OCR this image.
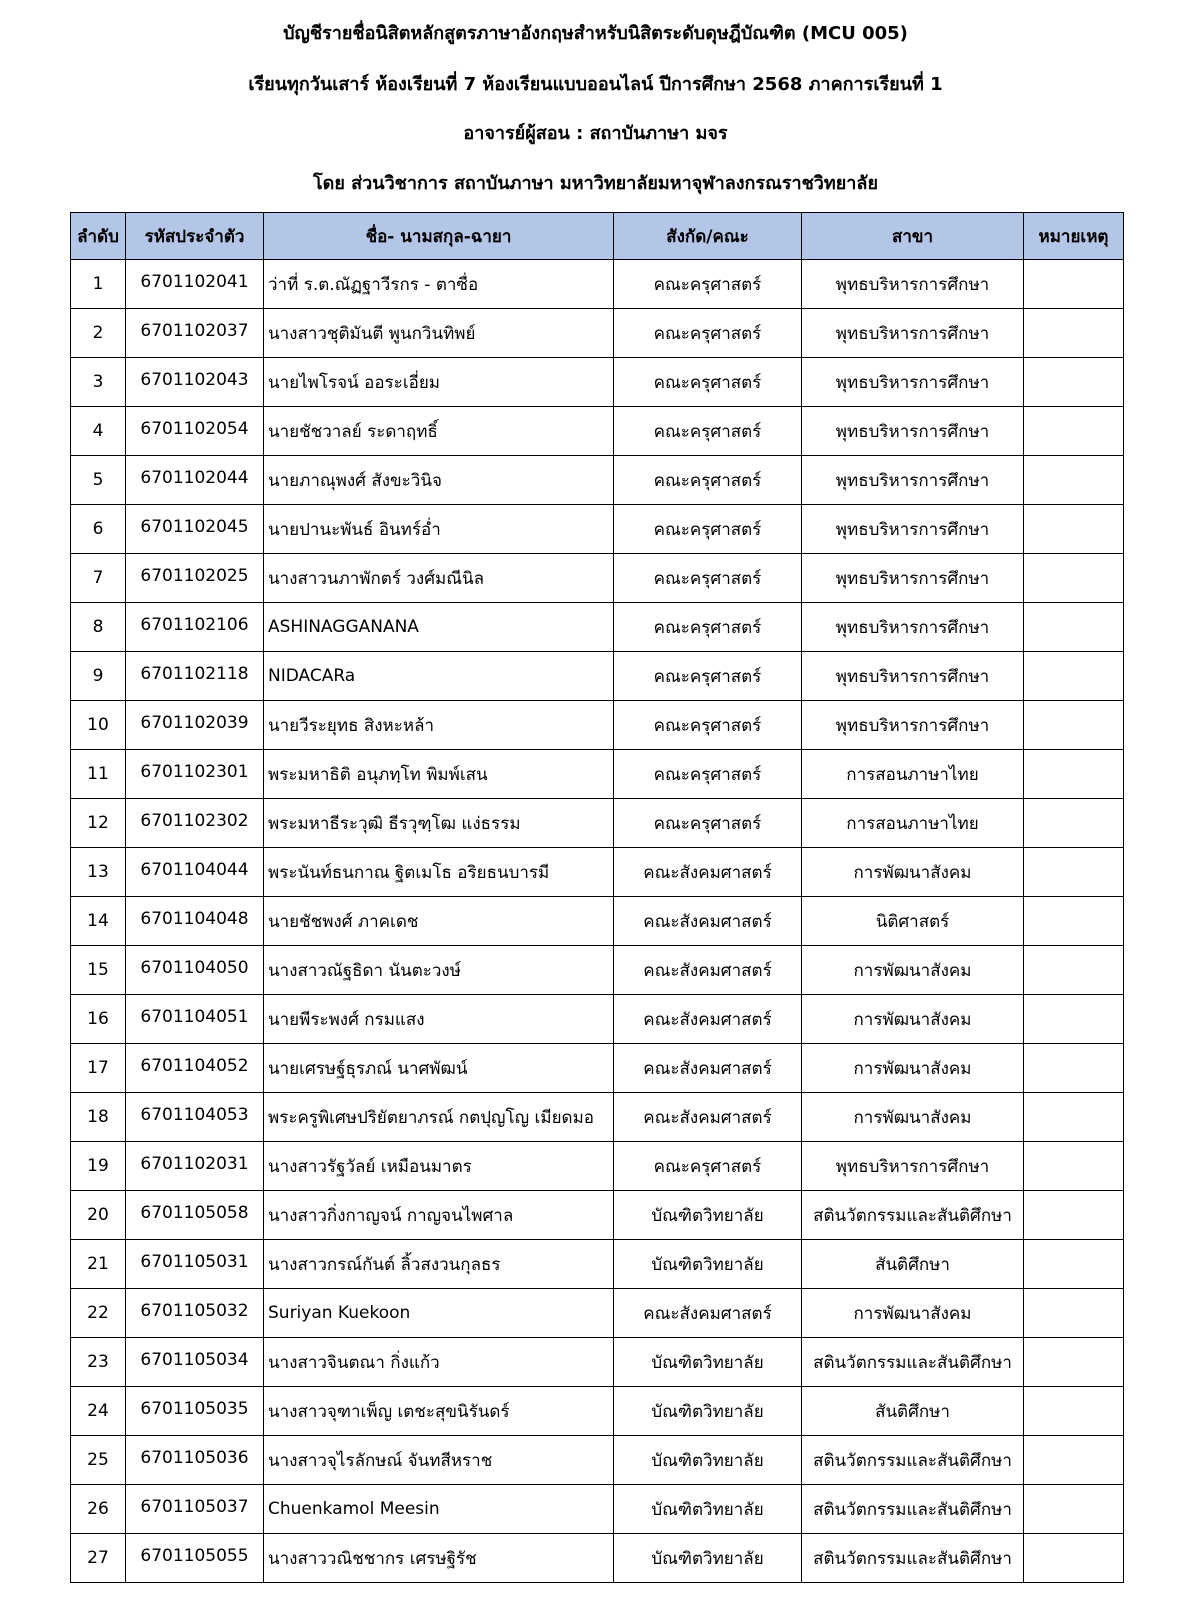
บัญชีรายชื่อนิสิตหลักสูตรภาษาอังกฤษสำหรับนิสิตระดับดุษฎีบัณฑิต (MCU 005)
เรียนทุกวันเสาร์ ห้องเรียนที่ 7 ห้องเรียนแบบออนไลน์ ปีการศึกษา 2568 ภาคการเรียนที่ 1
อาจารย์ผู้สอน : สถาบันภาษา มจร
โดย ส่วนวิชาการ สถาบันภาษา มหาวิทยาลัยมหาจุฬาลงกรณราชวิทยาลัย
ลำดับ	รหัสประจำตัว	ชื่อ- นามสกุล-ฉายา	สังกัด/คณะ	สาขา	หมายเหตุ
1	6701102041	ว่าที่ ร.ต.ณัฏฐาวีรกร - ตาซื่อ	คณะครุศาสตร์	พุทธบริหารการศึกษา	
2	6701102037	นางสาวชุติมันตี พูนกวินทิพย์	คณะครุศาสตร์	พุทธบริหารการศึกษา	
3	6701102043	นายไพโรจน์ ออระเอี่ยม	คณะครุศาสตร์	พุทธบริหารการศึกษา	
4	6701102054	นายชัชวาลย์ ระดาฤทธิ์	คณะครุศาสตร์	พุทธบริหารการศึกษา	
5	6701102044	นายภาณุพงศ์ สังขะวินิจ	คณะครุศาสตร์	พุทธบริหารการศึกษา	
6	6701102045	นายปานะพันธ์ อินทร์อ่ำ	คณะครุศาสตร์	พุทธบริหารการศึกษา	
7	6701102025	นางสาวนภาพักตร์ วงศ์มณีนิล	คณะครุศาสตร์	พุทธบริหารการศึกษา	
8	6701102106	ASHINAGGANANA	คณะครุศาสตร์	พุทธบริหารการศึกษา	
9	6701102118	NIDACARa	คณะครุศาสตร์	พุทธบริหารการศึกษา	
10	6701102039	นายวีระยุทธ สิงหะหล้า	คณะครุศาสตร์	พุทธบริหารการศึกษา	
11	6701102301	พระมหาธิติ อนุภทฺโท พิมพ์เสน	คณะครุศาสตร์	การสอนภาษาไทย	
12	6701102302	พระมหาธีระวุฒิ ธีรวุฑฺโฒ แง่ธรรม	คณะครุศาสตร์	การสอนภาษาไทย	
13	6701104044	พระนันท์ธนกาณ ฐิตเมโธ อริยธนบารมี	คณะสังคมศาสตร์	การพัฒนาสังคม	
14	6701104048	นายชัชพงศ์ ภาคเดช	คณะสังคมศาสตร์	นิติศาสตร์	
15	6701104050	นางสาวณัฐธิดา นันตะวงษ์	คณะสังคมศาสตร์	การพัฒนาสังคม	
16	6701104051	นายพีระพงศ์ กรมแสง	คณะสังคมศาสตร์	การพัฒนาสังคม	
17	6701104052	นายเศรษฐ์ธุรภณ์ นาศพัฒน์	คณะสังคมศาสตร์	การพัฒนาสังคม	
18	6701104053	พระครูพิเศษปริยัตยาภรณ์ กตปุญโญ เมียดมอ	คณะสังคมศาสตร์	การพัฒนาสังคม	
19	6701102031	นางสาวรัฐวัลย์ เหมือนมาตร	คณะครุศาสตร์	พุทธบริหารการศึกษา	
20	6701105058	นางสาวกิ่งกาญจน์ กาญจนไพศาล	บัณฑิตวิทยาลัย	สตินวัตกรรมและสันติศึกษา	
21	6701105031	นางสาวกรณ์กันต์ ลิ้วสงวนกุลธร	บัณฑิตวิทยาลัย	สันติศึกษา	
22	6701105032	Suriyan Kuekoon	คณะสังคมศาสตร์	การพัฒนาสังคม	
23	6701105034	นางสาวจินตณา กิ่งแก้ว	บัณฑิตวิทยาลัย	สตินวัตกรรมและสันติศึกษา	
24	6701105035	นางสาวจุฑาเพ็ญ เตชะสุขนิรันดร์	บัณฑิตวิทยาลัย	สันติศึกษา	
25	6701105036	นางสาวจุไรลักษณ์ จันทสีหราช	บัณฑิตวิทยาลัย	สตินวัตกรรมและสันติศึกษา	
26	6701105037	Chuenkamol Meesin	บัณฑิตวิทยาลัย	สตินวัตกรรมและสันติศึกษา	
27	6701105055	นางสาววณิชชากร เศรษฐิรัช	บัณฑิตวิทยาลัย	สตินวัตกรรมและสันติศึกษา	
